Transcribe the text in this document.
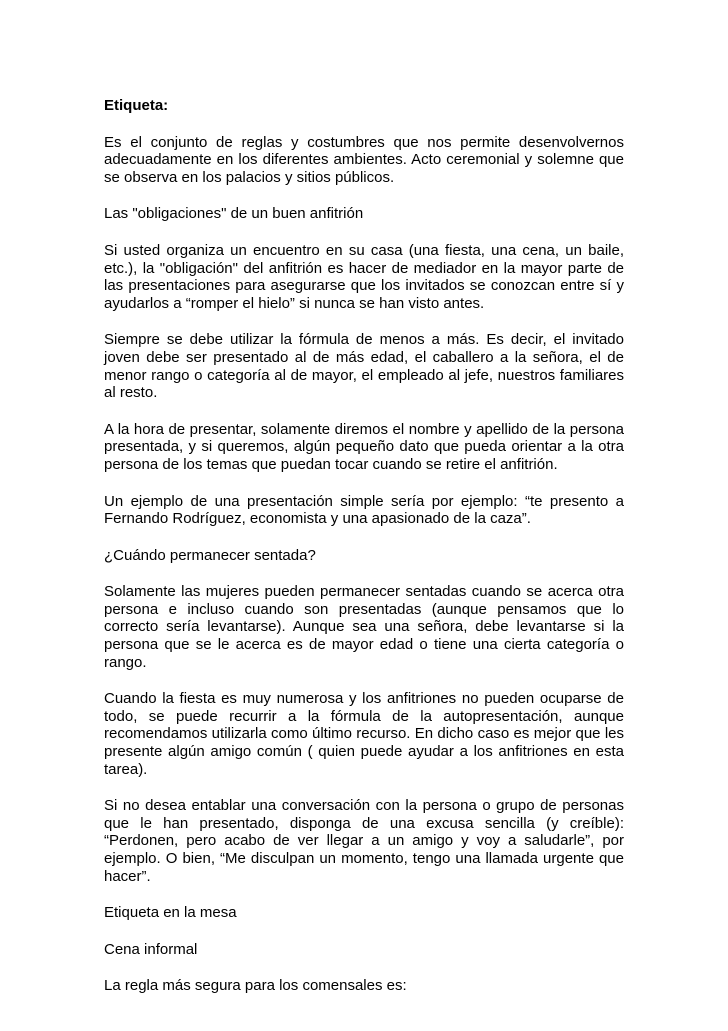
Etiqueta:

Es el conjunto de reglas y costumbres que nos permite desenvolvernos adecuadamente en los diferentes ambientes. Acto ceremonial y solemne que se observa en los palacios y sitios públicos.

Las "obligaciones" de un buen anfitrión

Si usted organiza un encuentro en su casa (una fiesta, una cena, un baile, etc.), la "obligación" del anfitrión es hacer de mediador en la mayor parte de las presentaciones para asegurarse que los invitados se conozcan entre sí y ayudarlos a “romper el hielo” si nunca se han visto antes.

Siempre se debe utilizar la fórmula de menos a más. Es decir, el invitado joven debe ser presentado al de más edad, el caballero a la señora, el de menor rango o categoría al de mayor, el empleado al jefe, nuestros familiares al resto.

A la hora de presentar, solamente diremos el nombre y apellido de la persona presentada, y si queremos, algún pequeño dato que pueda orientar a la otra persona de los temas que puedan tocar cuando se retire el anfitrión.

Un ejemplo de una presentación simple sería por ejemplo: “te presento a Fernando Rodríguez, economista y una apasionado de la caza”.

¿Cuándo permanecer sentada?

Solamente las mujeres pueden permanecer sentadas cuando se acerca otra persona e incluso cuando son presentadas (aunque pensamos que lo correcto sería levantarse). Aunque sea una señora, debe levantarse si la persona que se le acerca es de mayor edad o tiene una cierta categoría o rango.

Cuando la fiesta es muy numerosa y los anfitriones no pueden ocuparse de todo, se puede recurrir a la fórmula de la autopresentación, aunque recomendamos utilizarla como último recurso. En dicho caso es mejor que les presente algún amigo común ( quien puede ayudar a los anfitriones en esta tarea).

Si no desea entablar una conversación con la persona o grupo de personas que le han presentado, disponga de una excusa sencilla (y creíble): “Perdonen, pero acabo de ver llegar a un amigo y voy a saludarle”, por ejemplo. O bien, “Me disculpan un momento, tengo una llamada urgente que hacer”.

Etiqueta en la mesa

Cena informal

La regla más segura para los comensales es:
